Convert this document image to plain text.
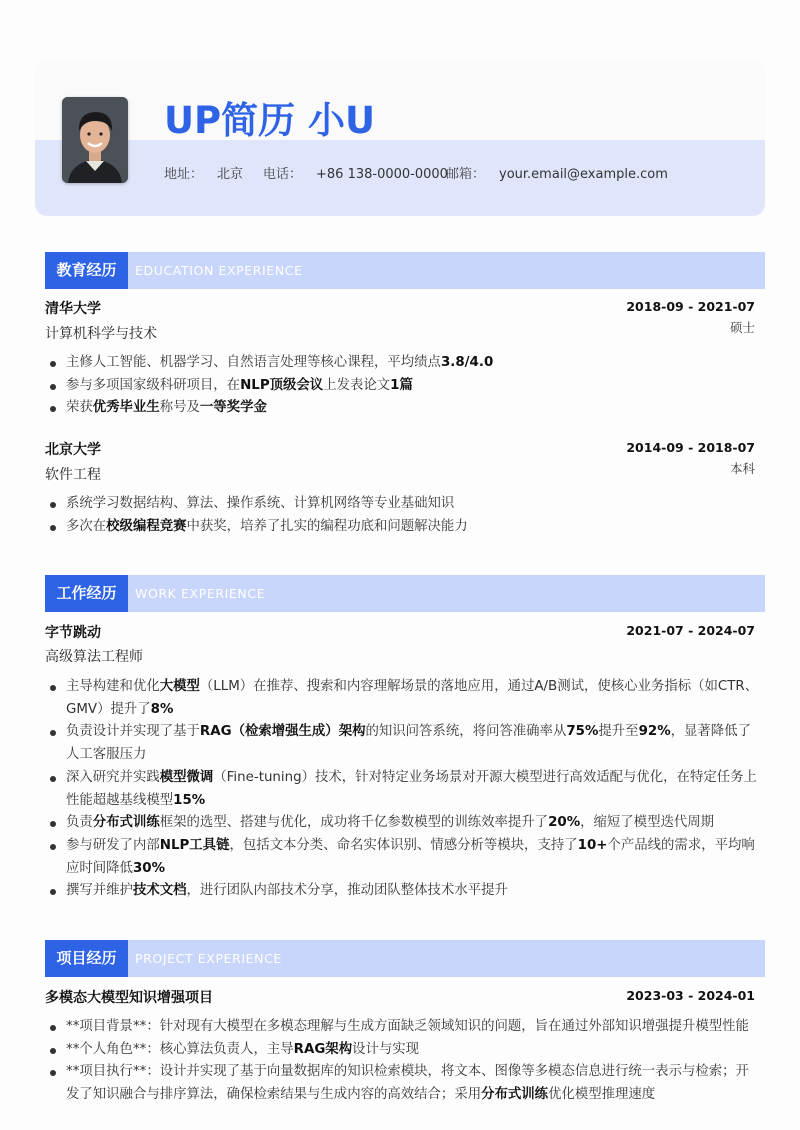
UP简历 小U
地址： 北京 电话： +86 138-0000-0000
邮箱： your.email@example.com
教育经历	EDUCATION EXPERIENCE
清华大学	2018-09 - 2021-07
计算机科学与技术	硕士
主修人工智能、机器学习、自然语言处理等核心课程，平均绩点3.8/4.0
参与多项国家级科研项目，在NLP顶级会议上发表论文1篇
荣获优秀毕业生称号及一等奖学金
北京大学	2014-09 - 2018-07
软件工程	本科
系统学习数据结构、算法、操作系统、计算机网络等专业基础知识
多次在校级编程竞赛中获奖，培养了扎实的编程功底和问题解决能力
工作经历	WORK EXPERIENCE
字节跳动	2021-07 - 2024-07
高级算法工程师
主导构建和优化大模型（LLM）在推荐、搜索和内容理解场景的落地应用，通过A/B测试，使核心业务指标（如CTR、GMV）提升了8%
负责设计并实现了基于RAG（检索增强生成）架构的知识问答系统，将问答准确率从75%提升至92%，显著降低了人工客服压力
深入研究并实践模型微调（Fine-tuning）技术，针对特定业务场景对开源大模型进行高效适配与优化，在特定任务上性能超越基线模型15%
负责分布式训练框架的选型、搭建与优化，成功将千亿参数模型的训练效率提升了20%，缩短了模型迭代周期
参与研发了内部NLP工具链，包括文本分类、命名实体识别、情感分析等模块，支持了10+个产品线的需求，平均响应时间降低30%
撰写并维护技术文档，进行团队内部技术分享，推动团队整体技术水平提升
项目经历	PROJECT EXPERIENCE
多模态大模型知识增强项目	2023-03 - 2024-01
**项目背景**：针对现有大模型在多模态理解与生成方面缺乏领域知识的问题，旨在通过外部知识增强提升模型性能
**个人角色**：核心算法负责人，主导RAG架构设计与实现
**项目执行**：设计并实现了基于向量数据库的知识检索模块，将文本、图像等多模态信息进行统一表示与检索；开发了知识融合与排序算法，确保检索结果与生成内容的高效结合；采用分布式训练优化模型推理速度
